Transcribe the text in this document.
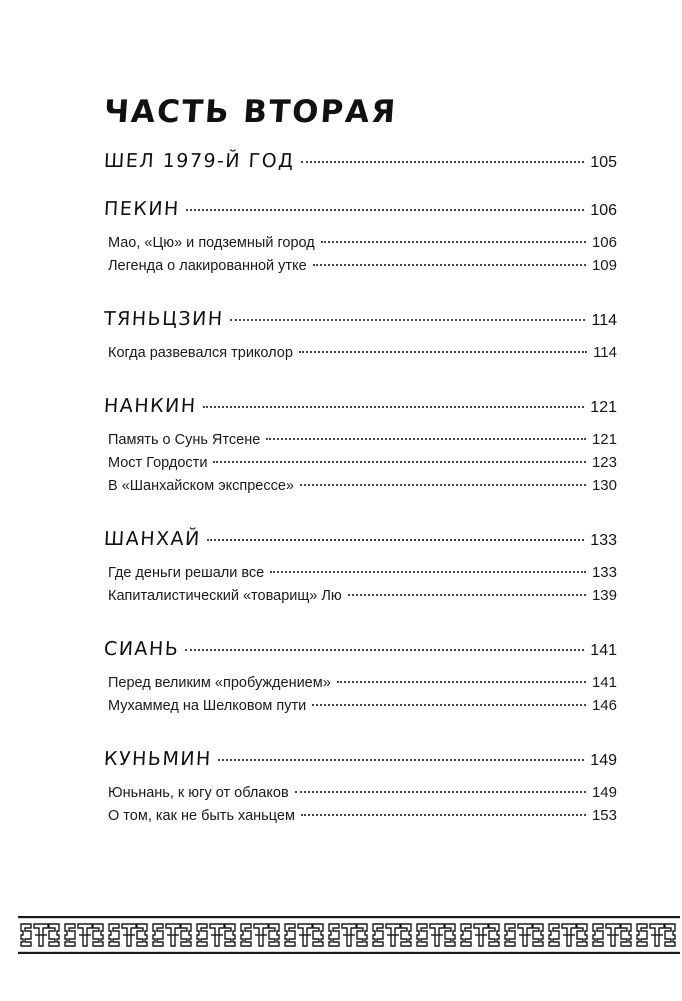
ЧАСТЬ ВТОРАЯ
ШЕЛ 1979-Й ГОД	105
ПЕКИН	106
Мао, «Цю» и подземный город	106
Легенда о лакированной утке	109
ТЯНЬЦЗИН	114
Когда развевался триколор	114
НАНКИН	121
Память о Сунь Ятсене	121
Мост Гордости	123
В «Шанхайском экспрессе»	130
ШАНХАЙ	133
Где деньги решали все	133
Капиталистический «товарищ» Лю	139
СИАНЬ	141
Перед великим «пробуждением»	141
Мухаммед на Шелковом пути	146
КУНЬМИН	149
Юньнань, к югу от облаков	149
О том, как не быть ханьцем	153
